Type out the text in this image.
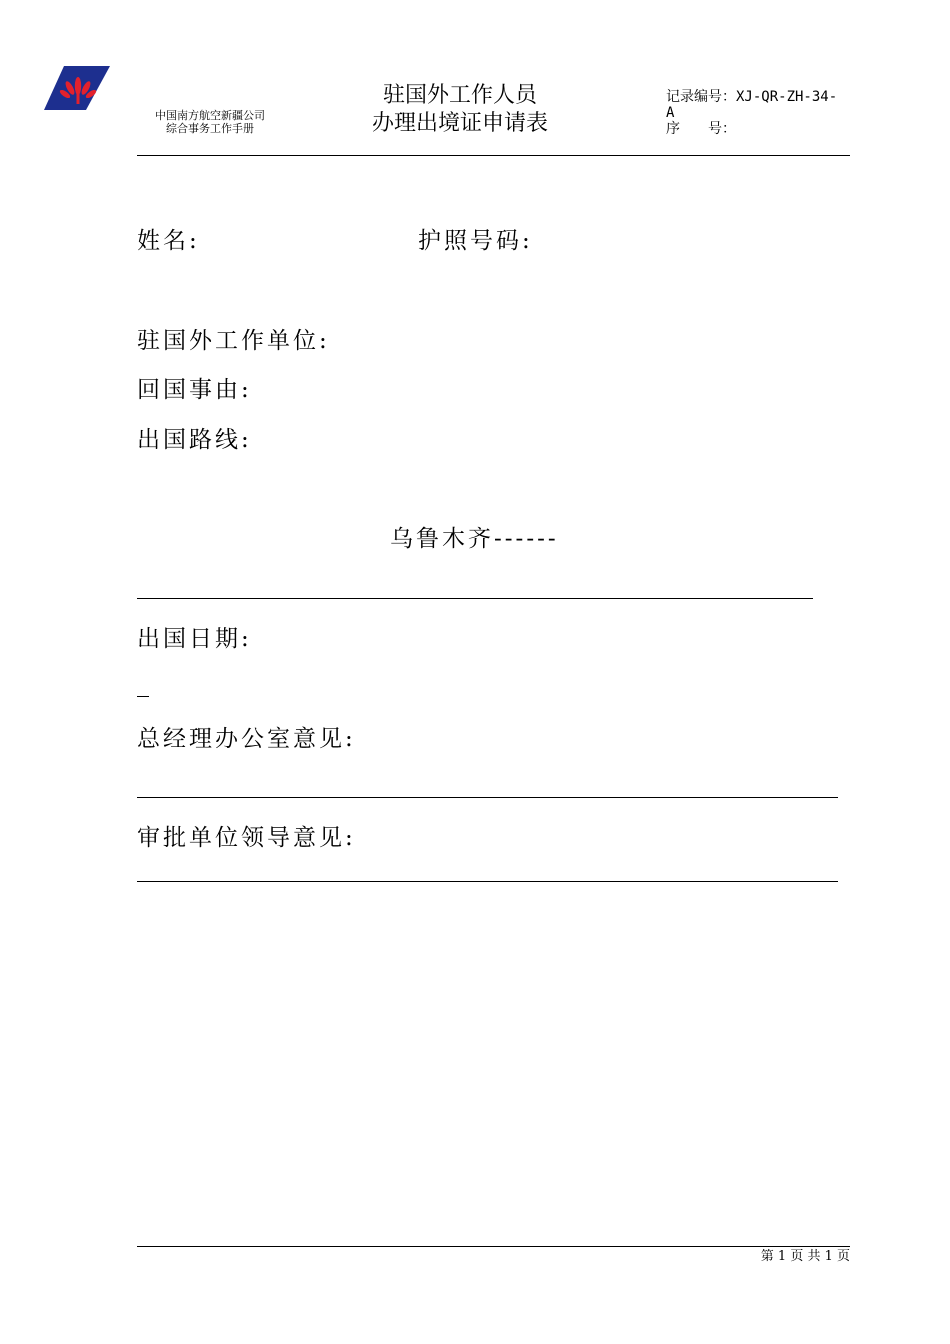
中国南方航空新疆公司
综合事务工作手册
驻国外工作人员
办理出境证申请表
记录编号：XJ-QR-ZH-34-
A
序　　号：
姓名:	护照号码:
驻国外工作单位:
回国事由:
出国路线:
乌鲁木齐------
出国日期:
总经理办公室意见:
审批单位领导意见:
第 1 页 共 1 页
